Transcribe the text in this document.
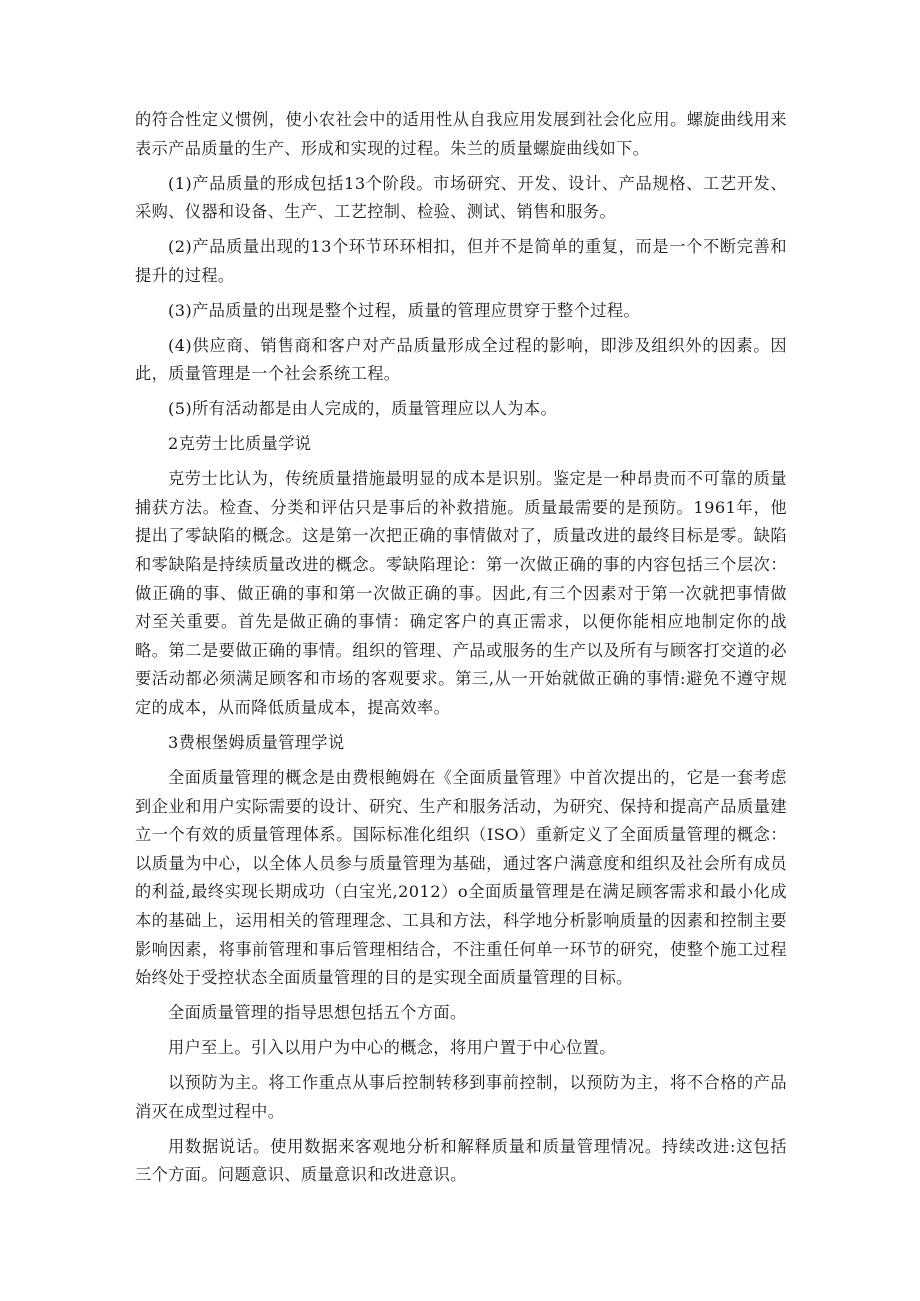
的符合性定义惯例，使小农社会中的适用性从自我应用发展到社会化应用。螺旋曲线用来表示产品质量的生产、形成和实现的过程。朱兰的质量螺旋曲线如下。

(1)产品质量的形成包括13个阶段。市场研究、开发、设计、产品规格、工艺开发、采购、仪器和设备、生产、工艺控制、检验、测试、销售和服务。

(2)产品质量出现的13个环节环环相扣，但并不是简单的重复，而是一个不断完善和提升的过程。

(3)产品质量的出现是整个过程，质量的管理应贯穿于整个过程。

(4)供应商、销售商和客户对产品质量形成全过程的影响，即涉及组织外的因素。因此，质量管理是一个社会系统工程。

(5)所有活动都是由人完成的，质量管理应以人为本。

2克劳士比质量学说

克劳士比认为，传统质量措施最明显的成本是识别。鉴定是一种昂贵而不可靠的质量捕获方法。检查、分类和评估只是事后的补救措施。质量最需要的是预防。1961年，他提出了零缺陷的概念。这是第一次把正确的事情做对了，质量改进的最终目标是零。缺陷和零缺陷是持续质量改进的概念。零缺陷理论：第一次做正确的事的内容包括三个层次：做正确的事、做正确的事和第一次做正确的事。因此,有三个因素对于第一次就把事情做对至关重要。首先是做正确的事情：确定客户的真正需求，以便你能相应地制定你的战略。第二是要做正确的事情。组织的管理、产品或服务的生产以及所有与顾客打交道的必要活动都必须满足顾客和市场的客观要求。第三,从一开始就做正确的事情:避免不遵守规定的成本，从而降低质量成本，提高效率。

3费根堡姆质量管理学说

全面质量管理的概念是由费根鲍姆在《全面质量管理》中首次提出的，它是一套考虑到企业和用户实际需要的设计、研究、生产和服务活动，为研究、保持和提高产品质量建立一个有效的质量管理体系。国际标准化组织（ISO）重新定义了全面质量管理的概念：以质量为中心，以全体人员参与质量管理为基础，通过客户满意度和组织及社会所有成员的利益,最终实现长期成功（白宝光,2012）o全面质量管理是在满足顾客需求和最小化成本的基础上，运用相关的管理理念、工具和方法，科学地分析影响质量的因素和控制主要影响因素，将事前管理和事后管理相结合，不注重任何单一环节的研究，使整个施工过程始终处于受控状态全面质量管理的目的是实现全面质量管理的目标。

全面质量管理的指导思想包括五个方面。

用户至上。引入以用户为中心的概念，将用户置于中心位置。

以预防为主。将工作重点从事后控制转移到事前控制，以预防为主，将不合格的产品消灭在成型过程中。

用数据说话。使用数据来客观地分析和解释质量和质量管理情况。持续改进:这包括三个方面。问题意识、质量意识和改进意识。
